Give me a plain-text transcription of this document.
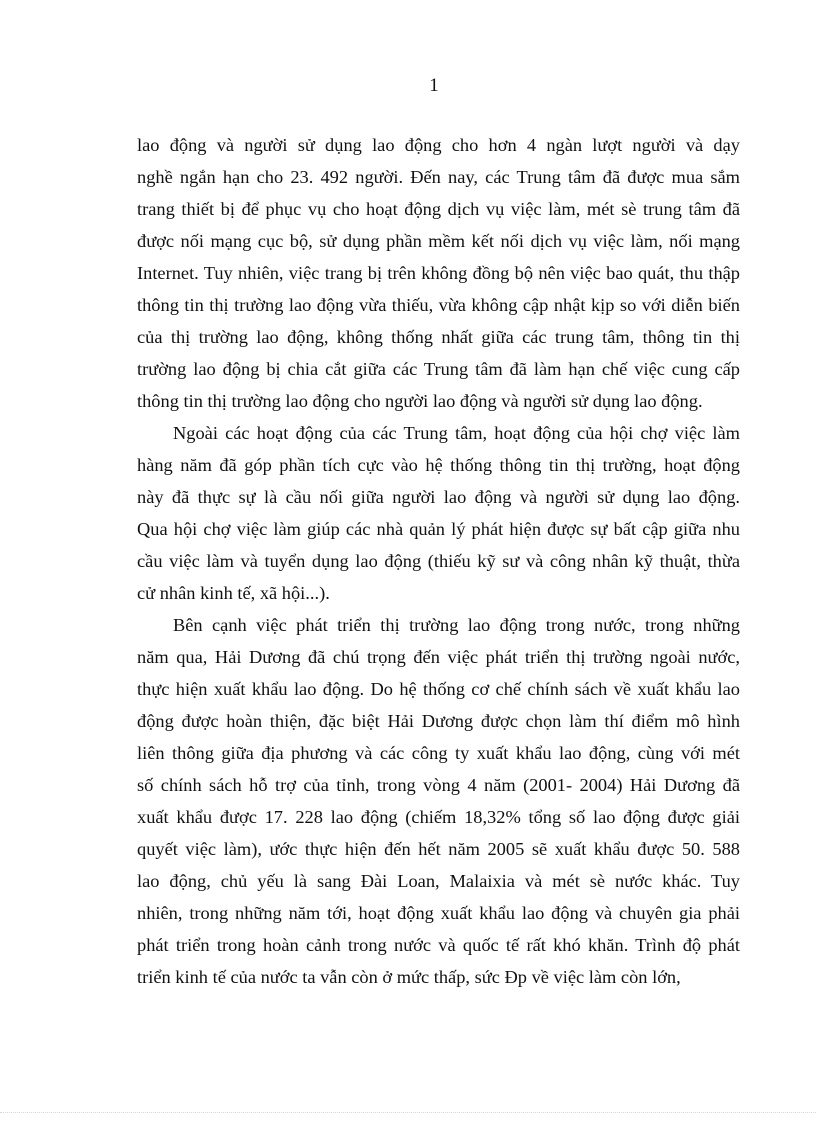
1

lao động và người sử dụng lao động cho hơn 4 ngàn lượt người và dạy
nghề ngắn hạn cho 23. 492 người. Đến nay, các Trung tâm đã được mua sắm
trang thiết bị để phục vụ cho hoạt động dịch vụ việc làm, mét sè trung tâm đã
được nối mạng cục bộ, sử dụng phần mềm kết nối dịch vụ việc làm, nối mạng
Internet. Tuy nhiên, việc trang bị trên không đồng bộ nên việc bao quát, thu thập
thông tin thị trường lao động vừa thiếu, vừa không cập nhật kịp so với diễn biến
của thị trường lao động, không thống nhất giữa các trung tâm, thông tin thị
trường lao động bị chia cắt giữa các Trung tâm đã làm hạn chế việc cung cấp
thông tin thị trường lao động cho người lao động và người sử dụng lao động.

Ngoài các hoạt động của các Trung tâm, hoạt động của hội chợ việc làm
hàng năm đã góp phần tích cực vào hệ thống thông tin thị trường, hoạt động
này đã thực sự là cầu nối giữa người lao động và người sử dụng lao động.
Qua hội chợ việc làm giúp các nhà quản lý phát hiện được sự bất cập giữa nhu
cầu việc làm và tuyển dụng lao động (thiếu kỹ sư và công nhân kỹ thuật, thừa
cử nhân kinh tế, xã hội...).

Bên cạnh việc phát triển thị trường lao động trong nước, trong những
năm qua, Hải Dương đã chú trọng đến việc phát triển thị trường ngoài nước,
thực hiện xuất khẩu lao động. Do hệ thống cơ chế chính sách về xuất khẩu lao
động được hoàn thiện, đặc biệt Hải Dương được chọn làm thí điểm mô hình
liên thông giữa địa phương và các công ty xuất khẩu lao động, cùng với mét
số chính sách hỗ trợ của tỉnh, trong vòng 4 năm (2001- 2004) Hải Dương đã
xuất khẩu được 17. 228 lao động (chiếm 18,32% tổng số lao động được giải
quyết việc làm), ước thực hiện đến hết năm 2005 sẽ xuất khẩu được 50. 588
lao động, chủ yếu là sang Đài Loan, Malaixia và mét sè nước khác. Tuy
nhiên, trong những năm tới, hoạt động xuất khẩu lao động và chuyên gia phải
phát triển trong hoàn cảnh trong nước và quốc tế rất khó khăn. Trình độ phát
triển kinh tế của nước ta vẫn còn ở mức thấp, sức Ðp về việc làm còn lớn,
